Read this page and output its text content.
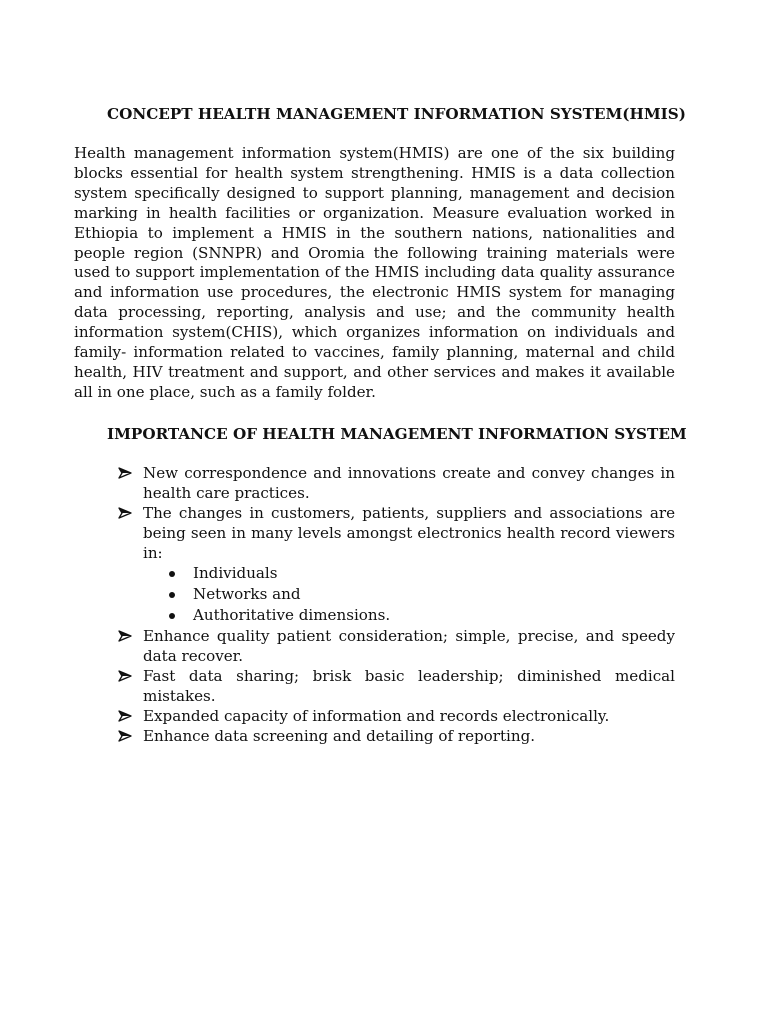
CONCEPT HEALTH MANAGEMENT INFORMATION SYSTEM(HMIS)

Health management information system(HMIS) are one of the six building blocks essential for health system strengthening. HMIS is a data collection system specifically designed to support planning, management and decision marking in health facilities or organization. Measure evaluation worked in Ethiopia to implement a HMIS in the southern nations, nationalities and people region (SNNPR) and Oromia the following training materials were used to support implementation of the HMIS including data quality assurance and information use procedures, the electronic HMIS system for managing data processing, reporting, analysis and use; and the community health information system(CHIS), which organizes information on individuals and family- information related to vaccines, family planning, maternal and child health, HIV treatment and support, and other services and makes it available all in one place, such as a family folder.

IMPORTANCE OF HEALTH MANAGEMENT INFORMATION SYSTEM
New correspondence and innovations create and convey changes in health care practices.
The changes in customers, patients, suppliers and associations are being seen in many levels amongst electronics health record viewers in:
Individuals
Networks and
Authoritative dimensions.
Enhance quality patient consideration; simple, precise, and speedy data recover.
Fast data sharing; brisk basic leadership; diminished medical mistakes.
Expanded capacity of information and records electronically.
Enhance data screening and detailing of reporting.
